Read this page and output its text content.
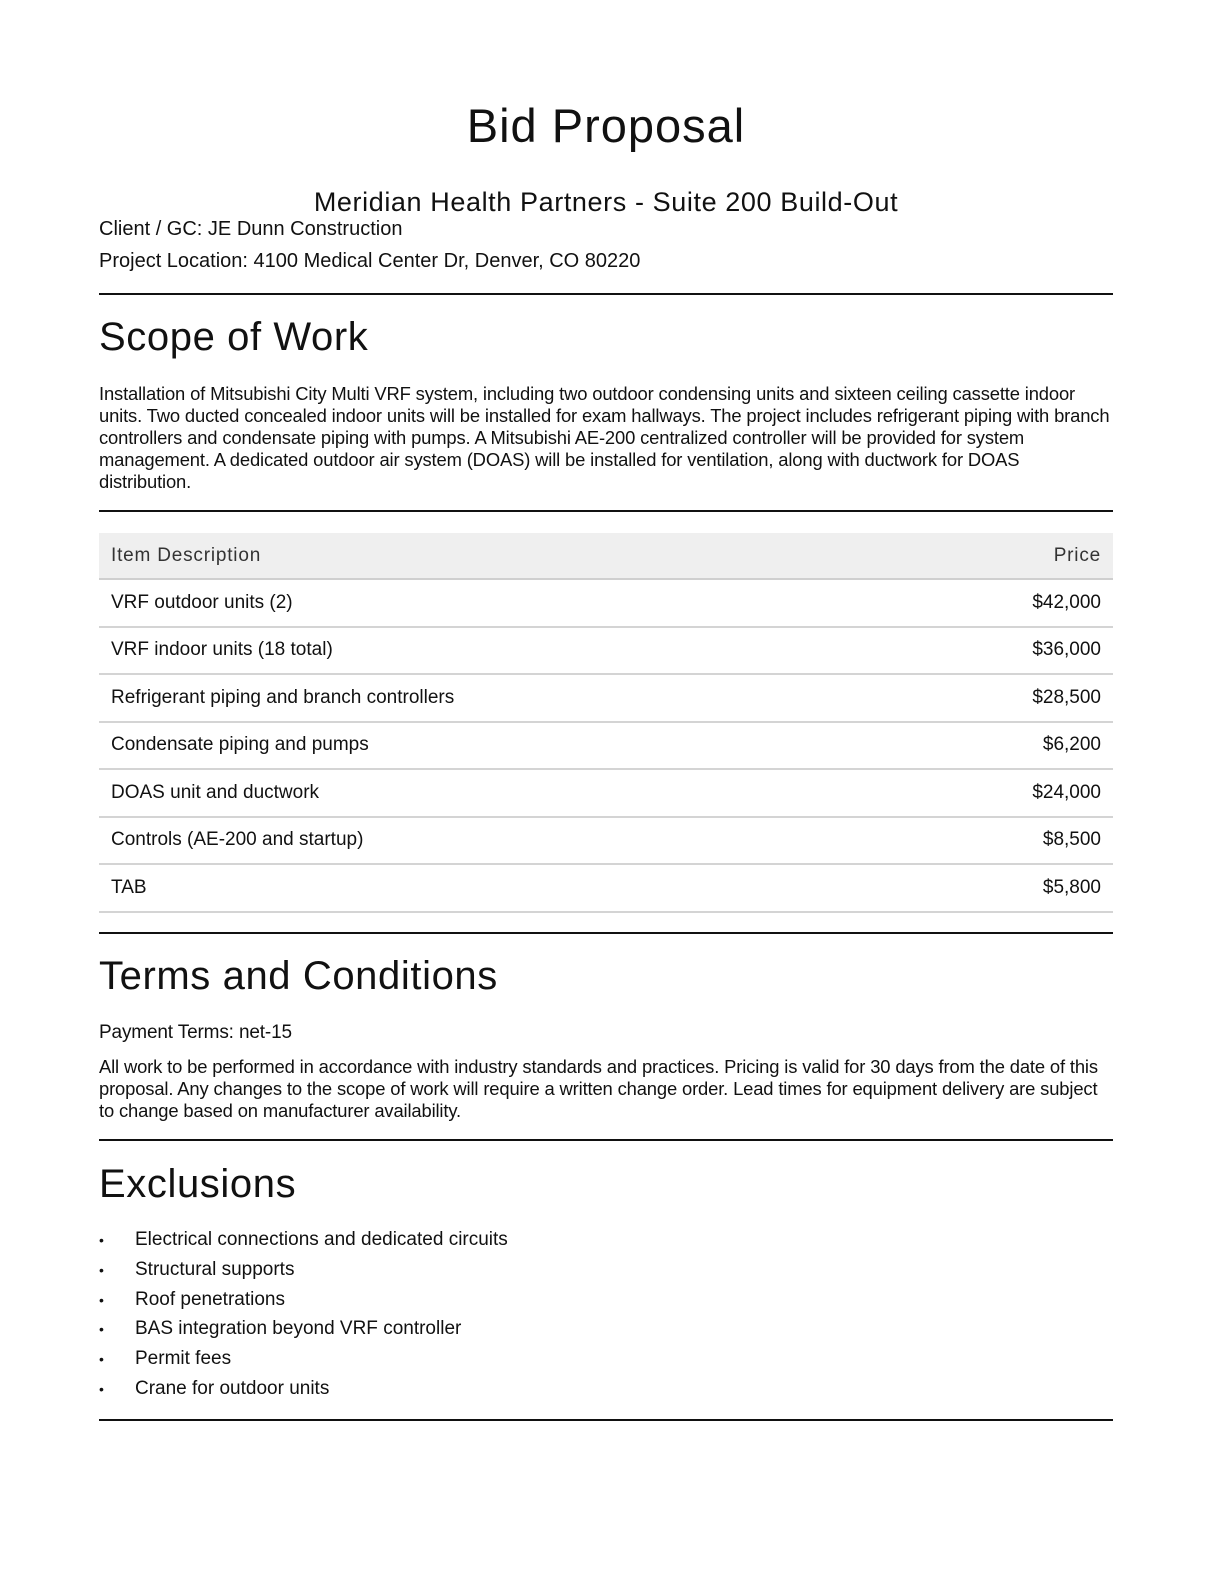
Bid Proposal
Meridian Health Partners - Suite 200 Build-Out

Client / GC: JE Dunn Construction

Project Location: 4100 Medical Center Dr, Denver, CO 80220

Scope of Work

Installation of Mitsubishi City Multi VRF system, including two outdoor condensing units and sixteen ceiling cassette indoor units. Two ducted concealed indoor units will be installed for exam hallways. The project includes refrigerant piping with branch controllers and condensate piping with pumps. A Mitsubishi AE-200 centralized controller will be provided for system management. A dedicated outdoor air system (DOAS) will be installed for ventilation, along with ductwork for DOAS distribution.

Item Description	Price
VRF outdoor units (2)	$42,000
VRF indoor units (18 total)	$36,000
Refrigerant piping and branch controllers	$28,500
Condensate piping and pumps	$6,200
DOAS unit and ductwork	$24,000
Controls (AE-200 and startup)	$8,500
TAB	$5,800
Terms and Conditions

Payment Terms: net-15

All work to be performed in accordance with industry standards and practices. Pricing is valid for 30 days from the date of this proposal. Any changes to the scope of work will require a written change order. Lead times for equipment delivery are subject to change based on manufacturer availability.

Exclusions
• Electrical connections and dedicated circuits
• Structural supports
• Roof penetrations
• BAS integration beyond VRF controller
• Permit fees
• Crane for outdoor units
